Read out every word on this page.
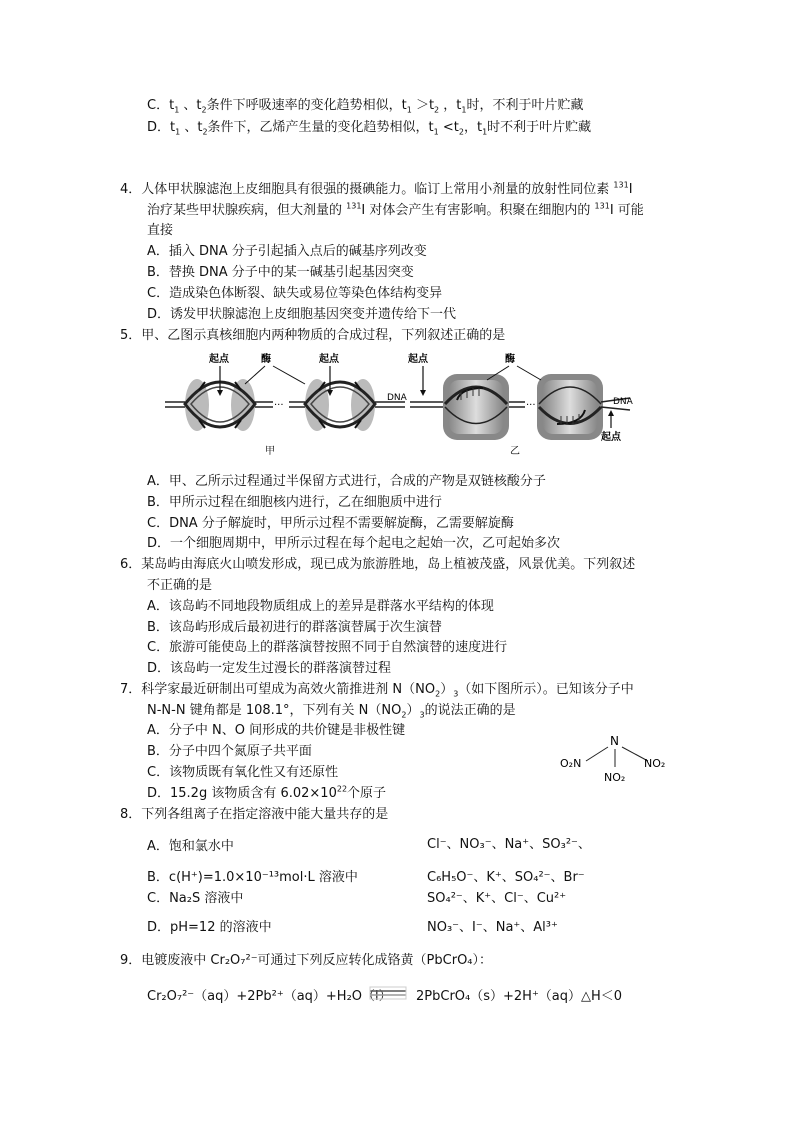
C．$t_1$ 、$t_2$条件下呼吸速率的变化趋势相似，$t_1 >t_2$ ，$t_1$时，不利于叶片贮藏
D．$t_1$ 、$t_2$条件下，乙烯产生量的变化趋势相似，$t_1 <t_2$，$t_1$时不利于叶片贮藏
4．人体甲状腺滤泡上皮细胞具有很强的摄碘能力。临订上常用小剂量的放射性同位素 $^{131}$I
治疗某些甲状腺疾病，但大剂量的 $^{131}$I 对体会产生有害影响。积聚在细胞内的 $^{131}$I 可能
直接
A．插入 DNA 分子引起插入点后的碱基序列改变
B．替换 DNA 分子中的某一碱基引起基因突变
C．造成染色体断裂、缺失或易位等染色体结构变异
D．诱发甲状腺滤泡上皮细胞基因突变并遗传给下一代
5．甲、乙图示真核细胞内两种物质的合成过程，下列叙述正确的是
···
DNA
起点	起点
酶
甲
起点
···	DNA
酶
起点
乙
A．甲、乙所示过程通过半保留方式进行，合成的产物是双链核酸分子
B．甲所示过程在细胞核内进行，乙在细胞质中进行
C．DNA 分子解旋时，甲所示过程不需要解旋酶，乙需要解旋酶
D．一个细胞周期中，甲所示过程在每个起电之起始一次，乙可起始多次
6．某岛屿由海底火山喷发形成，现已成为旅游胜地，岛上植被茂盛，风景优美。下列叙述
不正确的是
A．该岛屿不同地段物质组成上的差异是群落水平结构的体现
B．该岛屿形成后最初进行的群落演替属于次生演替
C．旅游可能使岛上的群落演替按照不同于自然演替的速度进行
D．该岛屿一定发生过漫长的群落演替过程
7．科学家最近研制出可望成为高效火箭推进剂 $N(NO_2)_3$（如下图所示）。已知该分子中
N-N-N 键角都是 108.1°，下列有关 $N(NO_2)_3$的说法正确的是
A．分子中 N、O 间形成的共价键是非极性键
B．分子中四个氮原子共平面
C．该物质既有氧化性又有还原性
D．15.2g 该物质含有 $6.02\times 10^{22}$个原子
N
O₂N	NO₂
NO₂
8．下列各组离子在指定溶液中能大量共存的是
A．饱和氯水中	Cl⁻、NO₃⁻、Na⁺、SO₃²⁻、
B．c(H⁺)=1.0×10⁻¹³mol·L 溶液中	C₆H₅O⁻、K⁺、SO₄²⁻、Br⁻
C．Na₂S 溶液中	SO₄²⁻、K⁺、Cl⁻、Cu²⁺
D．pH=12 的溶液中	NO₃⁻、I⁻、Na⁺、Al³⁺
9．电镀废液中 Cr₂O₇²⁻可通过下列反应转化成铬黄（PbCrO₄）：
Cr₂O₇²⁻（aq）+2Pb²⁺（aq）+H₂O（l） 2PbCrO₄（s）+2H⁺（aq）△H＜0
